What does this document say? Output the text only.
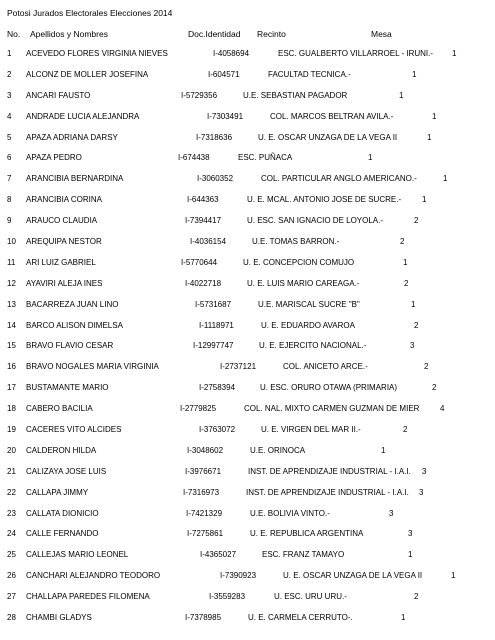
Potosi Jurados Electorales Elecciones 2014
No. Apellidos y Nombres	Doc.Identidad Recinto	Mesa
1 ACEVEDO FLORES VIRGINIA NIEVES	I-4058694	ESC. GUALBERTO VILLARROEL - IRUNI.- 1
2 ALCONZ DE MOLLER JOSEFINA	I-604571	FACULTAD TECNICA.-	1
3 ANCARI FAUSTO	I-5729356	U.E. SEBASTIAN PAGADOR	1
4 ANDRADE LUCIA ALEJANDRA	I-7303491	COL. MARCOS BELTRAN AVILA.-	1
5 APAZA ADRIANA DARSY	I-7318636	U. E. OSCAR UNZAGA DE LA VEGA II	1
6 APAZA PEDRO	I-674438	ESC. PUÑACA	1
7 ARANCIBIA BERNARDINA	I-3060352	COL. PARTICULAR ANGLO AMERICANO.-	1
8 ARANCIBIA CORINA	I-644363	U. E. MCAL. ANTONIO JOSE DE SUCRE.-	1
9 ARAUCO CLAUDIA	I-7394417	U. ESC. SAN IGNACIO DE LOYOLA.-	2
10 AREQUIPA NESTOR	I-4036154	U.E. TOMAS BARRON.-	2
11 ARI LUIZ GABRIEL	I-5770644	U. E. CONCEPCION COMUJO	1
12 AYAVIRI ALEJA INES	I-4022718	U. E. LUIS MARIO CAREAGA.-	2
13 BACARREZA JUAN LINO	I-5731687	U.E. MARISCAL SUCRE "B"	1
14 BARCO ALISON DIMELSA	I-1118971	U. E. EDUARDO AVAROA	2
15 BRAVO FLAVIO CESAR	I-12997747	U. E. EJERCITO NACIONAL.-	3
16 BRAVO NOGALES MARIA VIRGINIA	I-2737121	COL. ANICETO ARCE.-	2
17 BUSTAMANTE MARIO	I-2758394	U. ESC. ORURO OTAWA (PRIMARIA)	2
18 CABERO BACILIA	I-2779825	COL. NAL. MIXTO CARMEN GUZMAN DE MIER	4
19 CACERES VITO ALCIDES	I-3763072	U. E. VIRGEN DEL MAR II.-	2
20 CALDERON HILDA	I-3048602	U.E. ORINOCA	1
21 CALIZAYA JOSE LUIS	I-3976671	INST. DE APRENDIZAJE INDUSTRIAL - I.A.I. 3
22 CALLAPA JIMMY	I-7316973	INST. DE APRENDIZAJE INDUSTRIAL - I.A.I. 3
23 CALLATA DIONICIO	I-7421329	U.E. BOLIVIA VINTO.-	3
24 CALLE FERNANDO	I-7275861	U. E. REPUBLICA ARGENTINA	3
25 CALLEJAS MARIO LEONEL	I-4365027	ESC. FRANZ TAMAYO	1
26 CANCHARI ALEJANDRO TEODORO	I-7390923	U. E. OSCAR UNZAGA DE LA VEGA II	1
27 CHALLAPA PAREDES FILOMENA	I-3559283	U. ESC. URU URU.-	2
28 CHAMBI GLADYS	I-7378985	U. E. CARMELA CERRUTO-.	1
